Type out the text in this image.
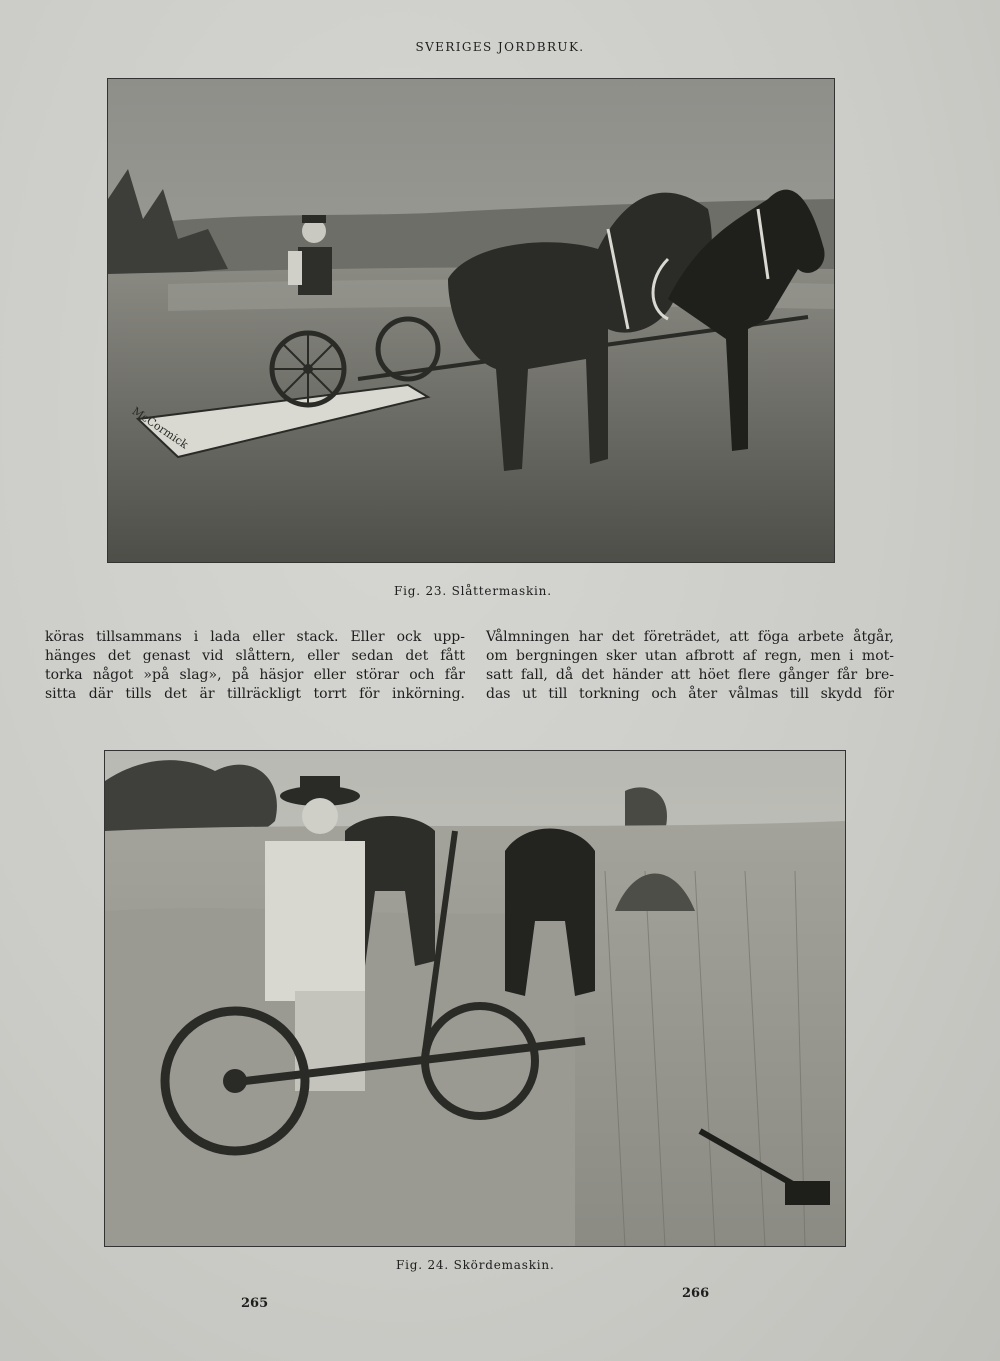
SVERIGES JORDBRUK.
McCormick
Fig. 23. Slåttermaskin.
köras tillsammans i lada eller stack. Eller ock upp-
hänges det genast vid slåttern, eller sedan det fått
torka något »på slag», på häsjor eller störar och får
sitta där tills det är tillräckligt torrt för inkörning.
Vålmningen har det företrädet, att föga arbete åtgår,
om bergningen sker utan afbrott af regn, men i mot-
satt fall, då det händer att höet flere gånger får bre-
das ut till torkning och åter vålmas till skydd för
Fig. 24. Skördemaskin.
265
266
